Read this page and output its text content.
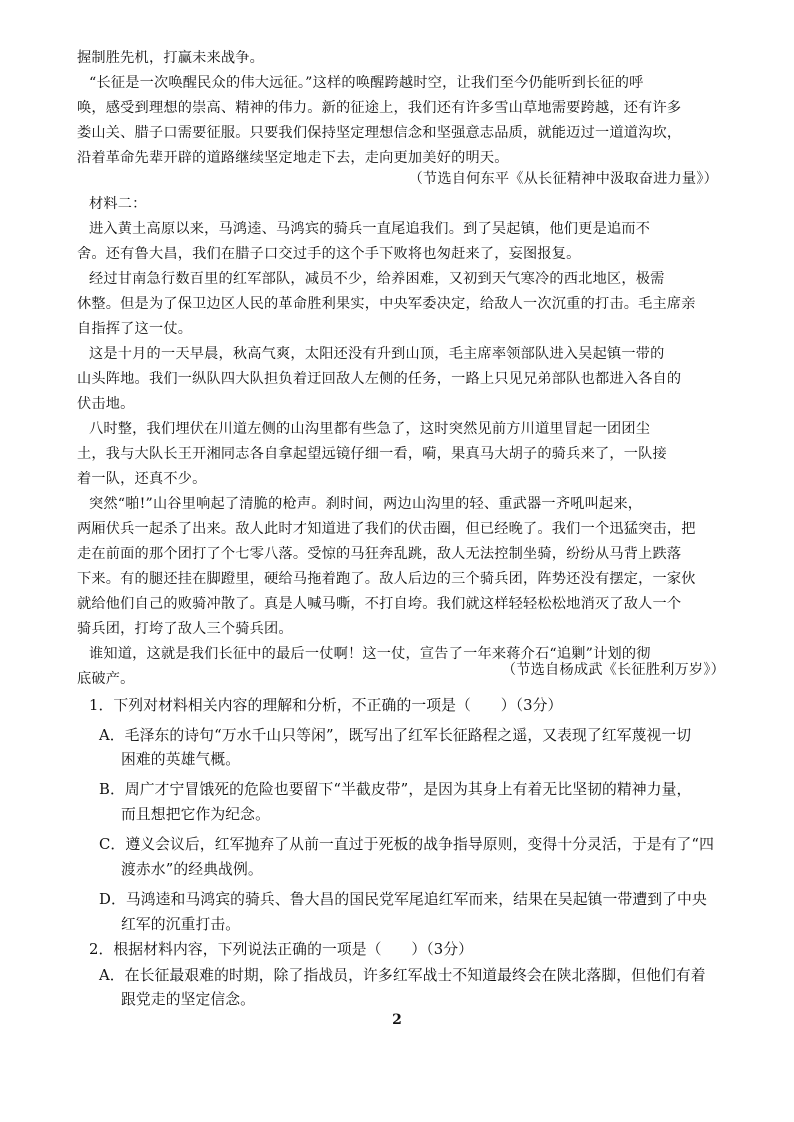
握制胜先机，打赢未来战争。
“长征是一次唤醒民众的伟大远征。”这样的唤醒跨越时空，让我们至今仍能听到长征的呼
唤，感受到理想的崇高、精神的伟力。新的征途上，我们还有许多雪山草地需要跨越，还有许多
娄山关、腊子口需要征服。只要我们保持坚定理想信念和坚强意志品质，就能迈过一道道沟坎，
沿着革命先辈开辟的道路继续坚定地走下去，走向更加美好的明天。
（节选自何东平《从长征精神中汲取奋进力量》）
材料二：
进入黄土高原以来，马鸿逵、马鸿宾的骑兵一直尾追我们。到了吴起镇，他们更是追而不
舍。还有鲁大昌，我们在腊子口交过手的这个手下败将也匆赶来了，妄图报复。
经过甘南急行数百里的红军部队，减员不少，给养困难，又初到天气寒冷的西北地区，极需
休整。但是为了保卫边区人民的革命胜利果实，中央军委决定，给敌人一次沉重的打击。毛主席亲
自指挥了这一仗。
这是十月的一天早晨，秋高气爽，太阳还没有升到山顶，毛主席率领部队进入吴起镇一带的
山头阵地。我们一纵队四大队担负着迂回敌人左侧的任务，一路上只见兄弟部队也都进入各自的
伏击地。
八时整，我们埋伏在川道左侧的山沟里都有些急了，这时突然见前方川道里冒起一团团尘
土，我与大队长王开湘同志各自拿起望远镜仔细一看，嗬，果真马大胡子的骑兵来了，一队接
着一队，还真不少。
突然“啪!”山谷里响起了清脆的枪声。刹时间，两边山沟里的轻、重武器一齐吼叫起来，
两厢伏兵一起杀了出来。敌人此时才知道进了我们的伏击圈，但已经晚了。我们一个迅猛突击，把
走在前面的那个团打了个七零八落。受惊的马狂奔乱跳，敌人无法控制坐骑，纷纷从马背上跌落
下来。有的腿还挂在脚蹬里，硬给马拖着跑了。敌人后边的三个骑兵团，阵势还没有摆定，一家伙
就给他们自己的败骑冲散了。真是人喊马嘶，不打自垮。我们就这样轻轻松松地消灭了敌人一个
骑兵团，打垮了敌人三个骑兵团。
谁知道，这就是我们长征中的最后一仗啊！这一仗，宣告了一年来蒋介石“追剿”计划的彻
底破产。
（节选自杨成武《长征胜利万岁》）
1．下列对材料相关内容的理解和分析，不正确的一项是（　　）（3分）
A．毛泽东的诗句“万水千山只等闲”，既写出了红军长征路程之遥，又表现了红军蔑视一切
困难的英雄气概。
B．周广才宁冒饿死的危险也要留下“半截皮带”，是因为其身上有着无比坚韧的精神力量，
而且想把它作为纪念。
C．遵义会议后，红军抛弃了从前一直过于死板的战争指导原则，变得十分灵活，于是有了“四
渡赤水”的经典战例。
D．马鸿逵和马鸿宾的骑兵、鲁大昌的国民党军尾追红军而来，结果在吴起镇一带遭到了中央
红军的沉重打击。
2．根据材料内容，下列说法正确的一项是（　　）（3分）
A．在长征最艰难的时期，除了指战员，许多红军战士不知道最终会在陕北落脚，但他们有着
跟党走的坚定信念。
2
